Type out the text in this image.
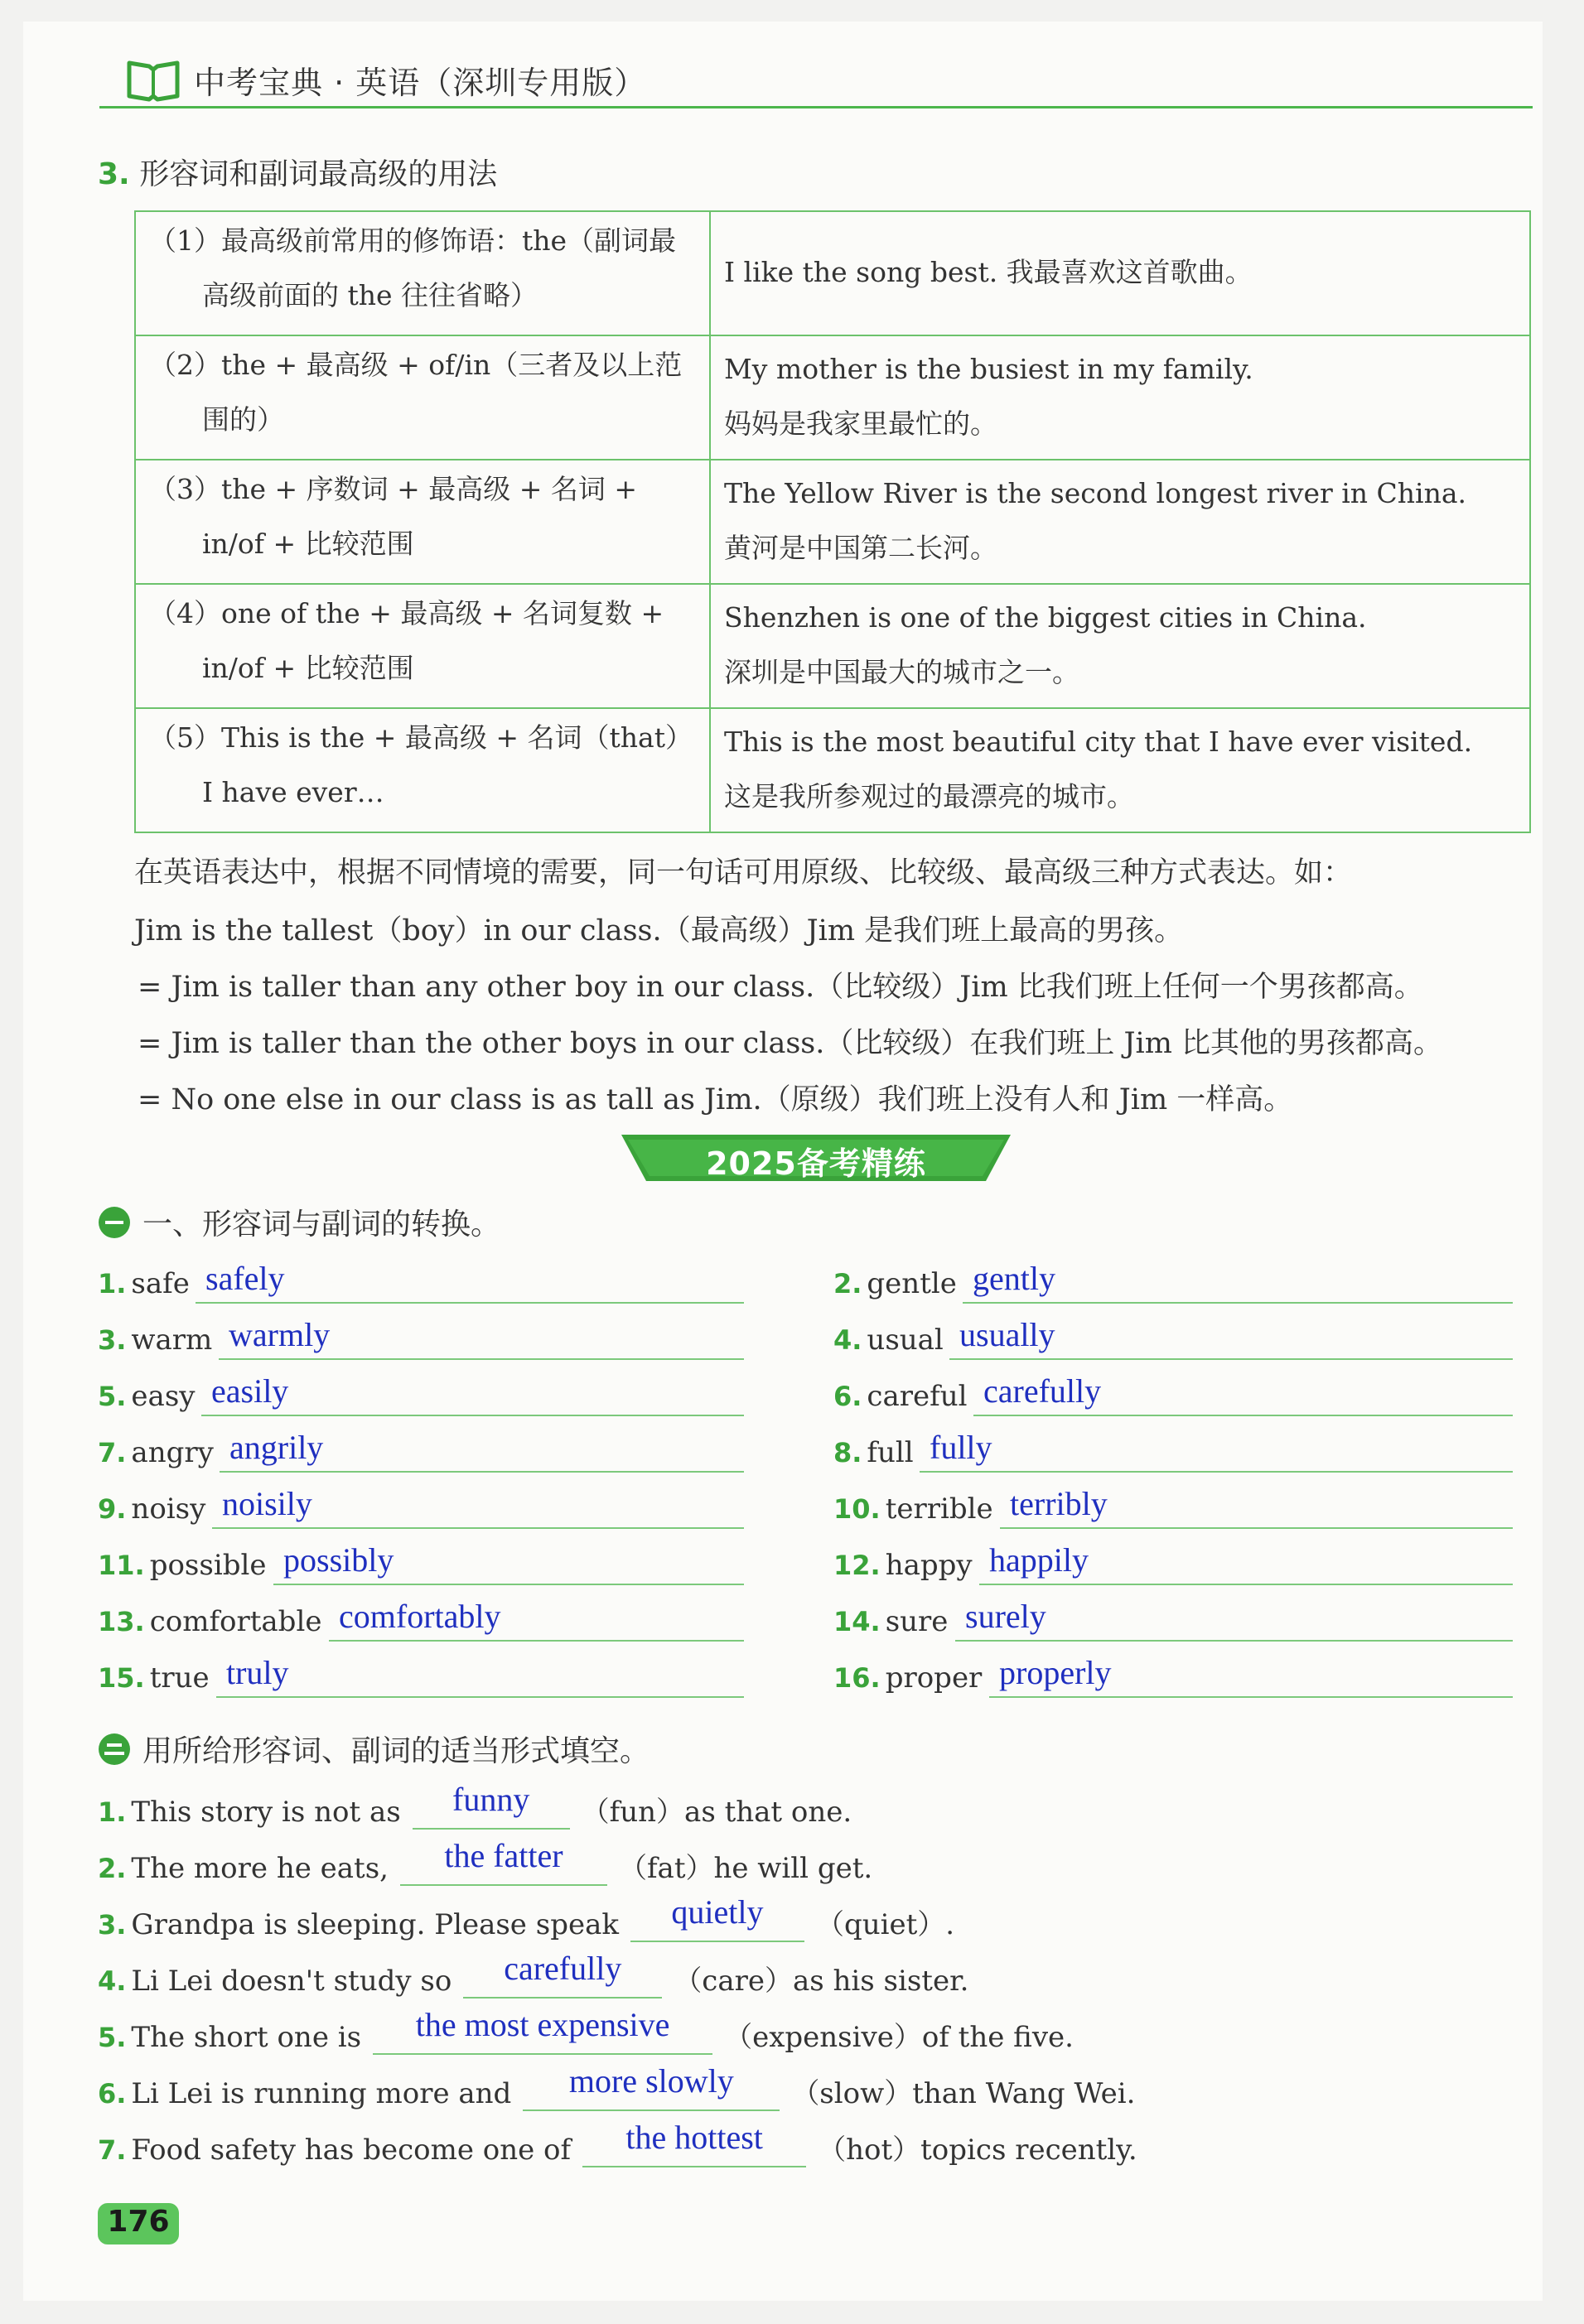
中考宝典 · 英语（深圳专用版）
3. 形容词和副词最高级的用法
（1）最高级前常用的修饰语：the（副词最高级前面的 the 往往省略）	I like the song best. 我最喜欢这首歌曲。

（2）the + 最高级 + of/in（三者及以上范围的）	My mother is the busiest in my family.
妈妈是我家里最忙的。

（3）the + 序数词 + 最高级 + 名词 + in/of + 比较范围	The Yellow River is the second longest river in China.
黄河是中国第二长河。

（4）one of the + 最高级 + 名词复数 + in/of + 比较范围	Shenzhen is one of the biggest cities in China.
深圳是中国最大的城市之一。

（5）This is the + 最高级 + 名词（that）I have ever…	This is the most beautiful city that I have ever visited.
这是我所参观过的最漂亮的城市。
在英语表达中，根据不同情境的需要，同一句话可用原级、比较级、最高级三种方式表达。如：
Jim is the tallest（boy）in our class.（最高级）Jim 是我们班上最高的男孩。
= Jim is taller than any other boy in our class.（比较级）Jim 比我们班上任何一个男孩都高。
= Jim is taller than the other boys in our class.（比较级）在我们班上 Jim 比其他的男孩都高。
= No one else in our class is as tall as Jim.（原级）我们班上没有人和 Jim 一样高。
2025备考精练
一 、形容词与副词的转换。
1. safe safely	2. gentle gently
3. warm warmly	4. usual usually
5. easy easily	6. careful carefully
7. angry angrily	8. full fully
9. noisy noisily	10. terrible terribly
11. possible possibly	12. happy happily
13. comfortable comfortably	14. sure surely
15. true truly	16. proper properly
用所给形容词、副词的适当形式填空。
1. This story is not as funny （fun）as that one.
2. The more he eats, the fatter （fat）he will get.
3. Grandpa is sleeping. Please speak quietly （quiet）.
4. Li Lei doesn't study so carefully （care）as his sister.
5. The short one is the most expensive （expensive）of the five.
6. Li Lei is running more and more slowly （slow）than Wang Wei.
7. Food safety has become one of the hottest （hot）topics recently.
176
